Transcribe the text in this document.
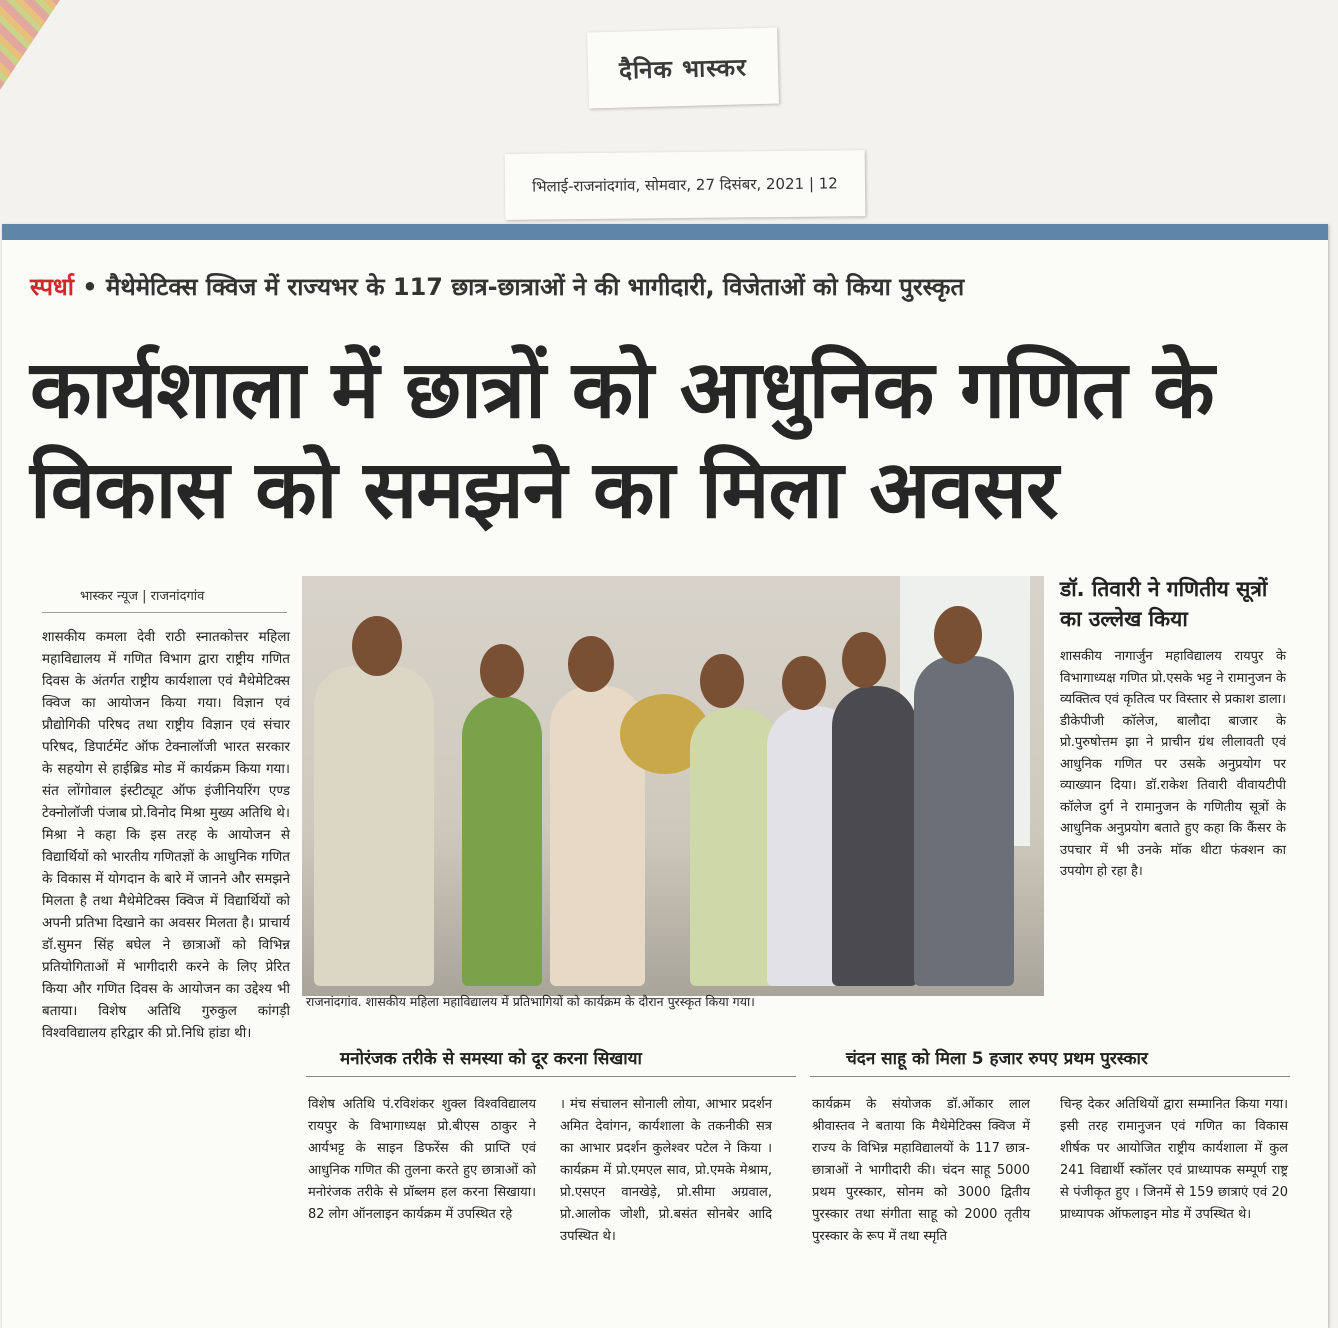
दैनिक भास्कर
भिलाई-राजनांदगांव, सोमवार, 27 दिसंबर, 2021 | 12
स्पर्धा • मैथेमेटिक्स क्विज में राज्यभर के 117 छात्र-छात्राओं ने की भागीदारी, विजेताओं को किया पुरस्कृत
कार्यशाला में छात्रों को आधुनिक गणित के विकास को समझने का मिला अवसर
भास्कर न्यूज | राजनांदगांव
शासकीय कमला देवी राठी स्नातकोत्तर महिला महाविद्यालय में गणित विभाग द्वारा राष्ट्रीय गणित दिवस के अंतर्गत राष्ट्रीय कार्यशाला एवं मैथेमेटिक्स क्विज का आयोजन किया गया। विज्ञान एवं प्रौद्योगिकी परिषद तथा राष्ट्रीय विज्ञान एवं संचार परिषद, डिपार्टमेंट ऑफ टेक्नालॉजी भारत सरकार के सहयोग से हाईब्रिड मोड में कार्यक्रम किया गया। संत लोंगोवाल इंस्टीट्यूट ऑफ इंजीनियरिंग एण्ड टेक्नोलॉजी पंजाब प्रो.विनोद मिश्रा मुख्य अतिथि थे। मिश्रा ने कहा कि इस तरह के आयोजन से विद्यार्थियों को भारतीय गणितज्ञों के आधुनिक गणित के विकास में योगदान के बारे में जानने और समझने मिलता है तथा मैथेमेटिक्स क्विज में विद्यार्थियों को अपनी प्रतिभा दिखाने का अवसर मिलता है। प्राचार्य डॉ.सुमन सिंह बघेल ने छात्राओं को विभिन्न प्रतियोगिताओं में भागीदारी करने के लिए प्रेरित किया और गणित दिवस के आयोजन का उद्देश्य भी बताया। विशेष अतिथि गुरुकुल कांगड़ी विश्वविद्यालय हरिद्वार की प्रो.निधि हांडा थी।
राजनांदगांव. शासकीय महिला महाविद्यालय में प्रतिभागियों को कार्यक्रम के दौरान पुरस्कृत किया गया।
डॉ. तिवारी ने गणितीय सूत्रों का उल्लेख किया
शासकीय नागार्जुन महाविद्यालय रायपुर के विभागाध्यक्ष गणित प्रो.एसके भट्ट ने रामानुजन के व्यक्तित्व एवं कृतित्व पर विस्तार से प्रकाश डाला। डीकेपीजी कॉलेज, बालौदा बाजार के प्रो.पुरुषोत्तम झा ने प्राचीन ग्रंथ लीलावती एवं आधुनिक गणित पर उसके अनुप्रयोग पर व्याख्यान दिया। डॉ.राकेश तिवारी वीवायटीपी कॉलेज दुर्ग ने रामानुजन के गणितीय सूत्रों के आधुनिक अनुप्रयोग बताते हुए कहा कि कैंसर के उपचार में भी उनके मॉक थीटा फंक्शन का उपयोग हो रहा है।
मनोरंजक तरीके से समस्या को दूर करना सिखाया	चंदन साहू को मिला 5 हजार रुपए प्रथम पुरस्कार
विशेष अतिथि पं.रविशंकर शुक्ल विश्वविद्यालय रायपुर के विभागाध्यक्ष प्रो.बीएस ठाकुर ने आर्यभट्ट के साइन डिफरेंस की प्राप्ति एवं आधुनिक गणित की तुलना करते हुए छात्राओं को मनोरंजक तरीके से प्रॉब्लम हल करना सिखाया। 82 लोग ऑनलाइन कार्यक्रम में उपस्थित रहे
। मंच संचालन सोनाली लोया, आभार प्रदर्शन अमित देवांगन, कार्यशाला के तकनीकी सत्र का आभार प्रदर्शन कुलेश्वर पटेल ने किया । कार्यक्रम में प्रो.एमएल साव, प्रो.एमके मेश्राम, प्रो.एसएन वानखेड़े, प्रो.सीमा अग्रवाल, प्रो.आलोक जोशी, प्रो.बसंत सोनबेर आदि उपस्थित थे।
कार्यक्रम के संयोजक डॉ.ओंकार लाल श्रीवास्तव ने बताया कि मैथेमेटिक्स क्विज में राज्य के विभिन्न महाविद्यालयों के 117 छात्र-छात्राओं ने भागीदारी की। चंदन साहू 5000 प्रथम पुरस्कार, सोनम को 3000 द्वितीय पुरस्कार तथा संगीता साहू को 2000 तृतीय पुरस्कार के रूप में तथा स्मृति
चिन्ह देकर अतिथियों द्वारा सम्मानित किया गया। इसी तरह रामानुजन एवं गणित का विकास शीर्षक पर आयोजित राष्ट्रीय कार्यशाला में कुल 241 विद्यार्थी स्कॉलर एवं प्राध्यापक सम्पूर्ण राष्ट्र से पंजीकृत हुए । जिनमें से 159 छात्राएं एवं 20 प्राध्यापक ऑफलाइन मोड में उपस्थित थे।
